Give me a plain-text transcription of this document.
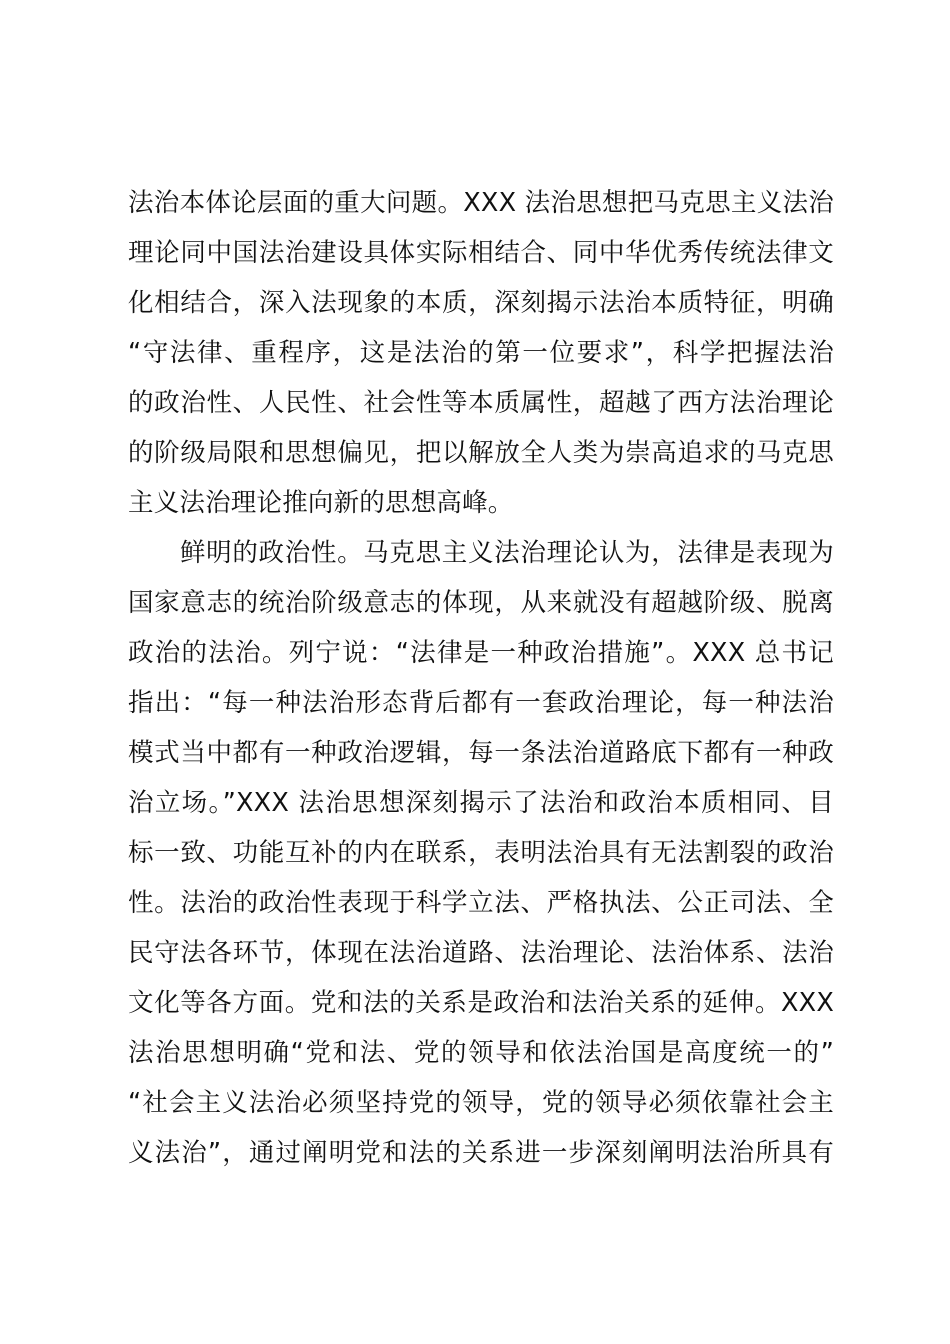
法治本体论层面的重大问题。XXX 法治思想把马克思主义法治
理论同中国法治建设具体实际相结合、同中华优秀传统法律文
化相结合，深入法现象的本质，深刻揭示法治本质特征，明确
“守法律、重程序，这是法治的第一位要求”，科学把握法治
的政治性、人民性、社会性等本质属性，超越了西方法治理论
的阶级局限和思想偏见，把以解放全人类为崇高追求的马克思
主义法治理论推向新的思想高峰。
鲜明的政治性。马克思主义法治理论认为，法律是表现为
国家意志的统治阶级意志的体现，从来就没有超越阶级、脱离
政治的法治。列宁说：“法律是一种政治措施”。XXX 总书记
指出：“每一种法治形态背后都有一套政治理论，每一种法治
模式当中都有一种政治逻辑，每一条法治道路底下都有一种政
治立场。”XXX 法治思想深刻揭示了法治和政治本质相同、目
标一致、功能互补的内在联系，表明法治具有无法割裂的政治
性。法治的政治性表现于科学立法、严格执法、公正司法、全
民守法各环节，体现在法治道路、法治理论、法治体系、法治
文化等各方面。党和法的关系是政治和法治关系的延伸。XXX
法治思想明确“党和法、党的领导和依法治国是高度统一的”
“社会主义法治必须坚持党的领导，党的领导必须依靠社会主
义法治”，通过阐明党和法的关系进一步深刻阐明法治所具有
